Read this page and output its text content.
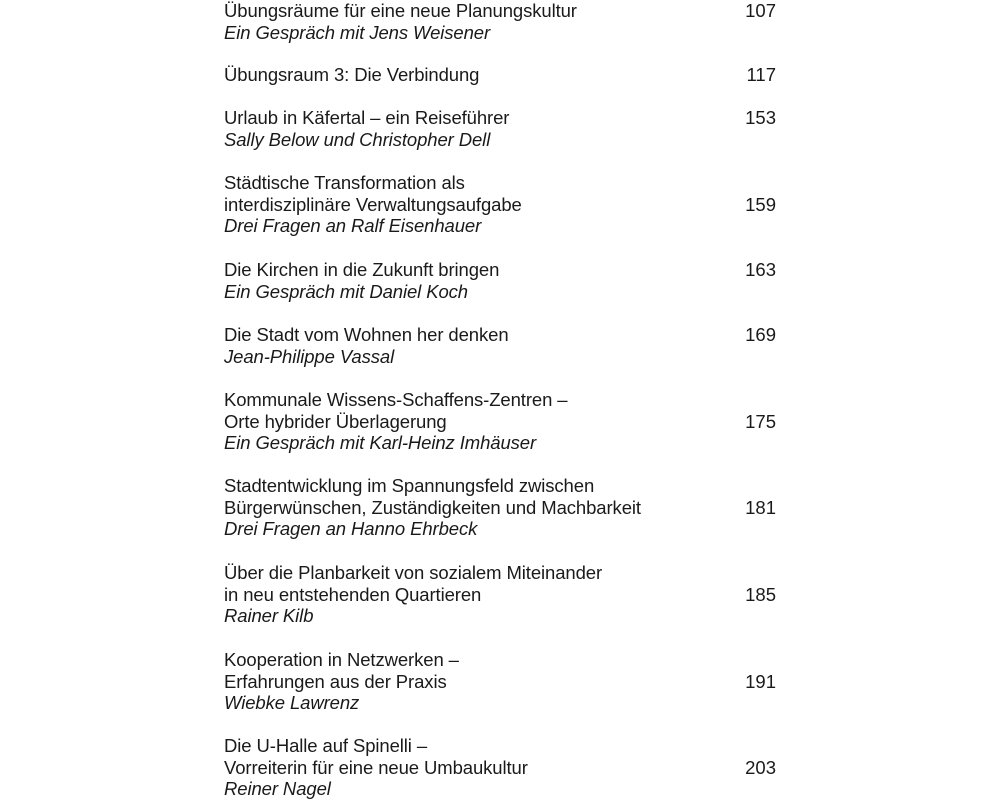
Übungsräume für eine neue Planungskultur
Ein Gespräch mit Jens Weisener
107
Übungsraum 3: Die Verbindung	117
Urlaub in Käfertal – ein Reiseführer
Sally Below und Christopher Dell
153
Städtische Transformation als
interdisziplinäre Verwaltungsaufgabe
Drei Fragen an Ralf Eisenhauer
159
Die Kirchen in die Zukunft bringen
Ein Gespräch mit Daniel Koch
163
Die Stadt vom Wohnen her denken
Jean-Philippe Vassal
169
Kommunale Wissens-Schaffens-Zentren –
Orte hybrider Überlagerung
Ein Gespräch mit Karl-Heinz Imhäuser
175
Stadtentwicklung im Spannungsfeld zwischen
Bürgerwünschen, Zuständigkeiten und Machbarkeit
Drei Fragen an Hanno Ehrbeck
181
Über die Planbarkeit von sozialem Miteinander
in neu entstehenden Quartieren
Rainer Kilb
185
Kooperation in Netzwerken –
Erfahrungen aus der Praxis
Wiebke Lawrenz
191
Die U-Halle auf Spinelli –
Vorreiterin für eine neue Umbaukultur
Reiner Nagel
203
